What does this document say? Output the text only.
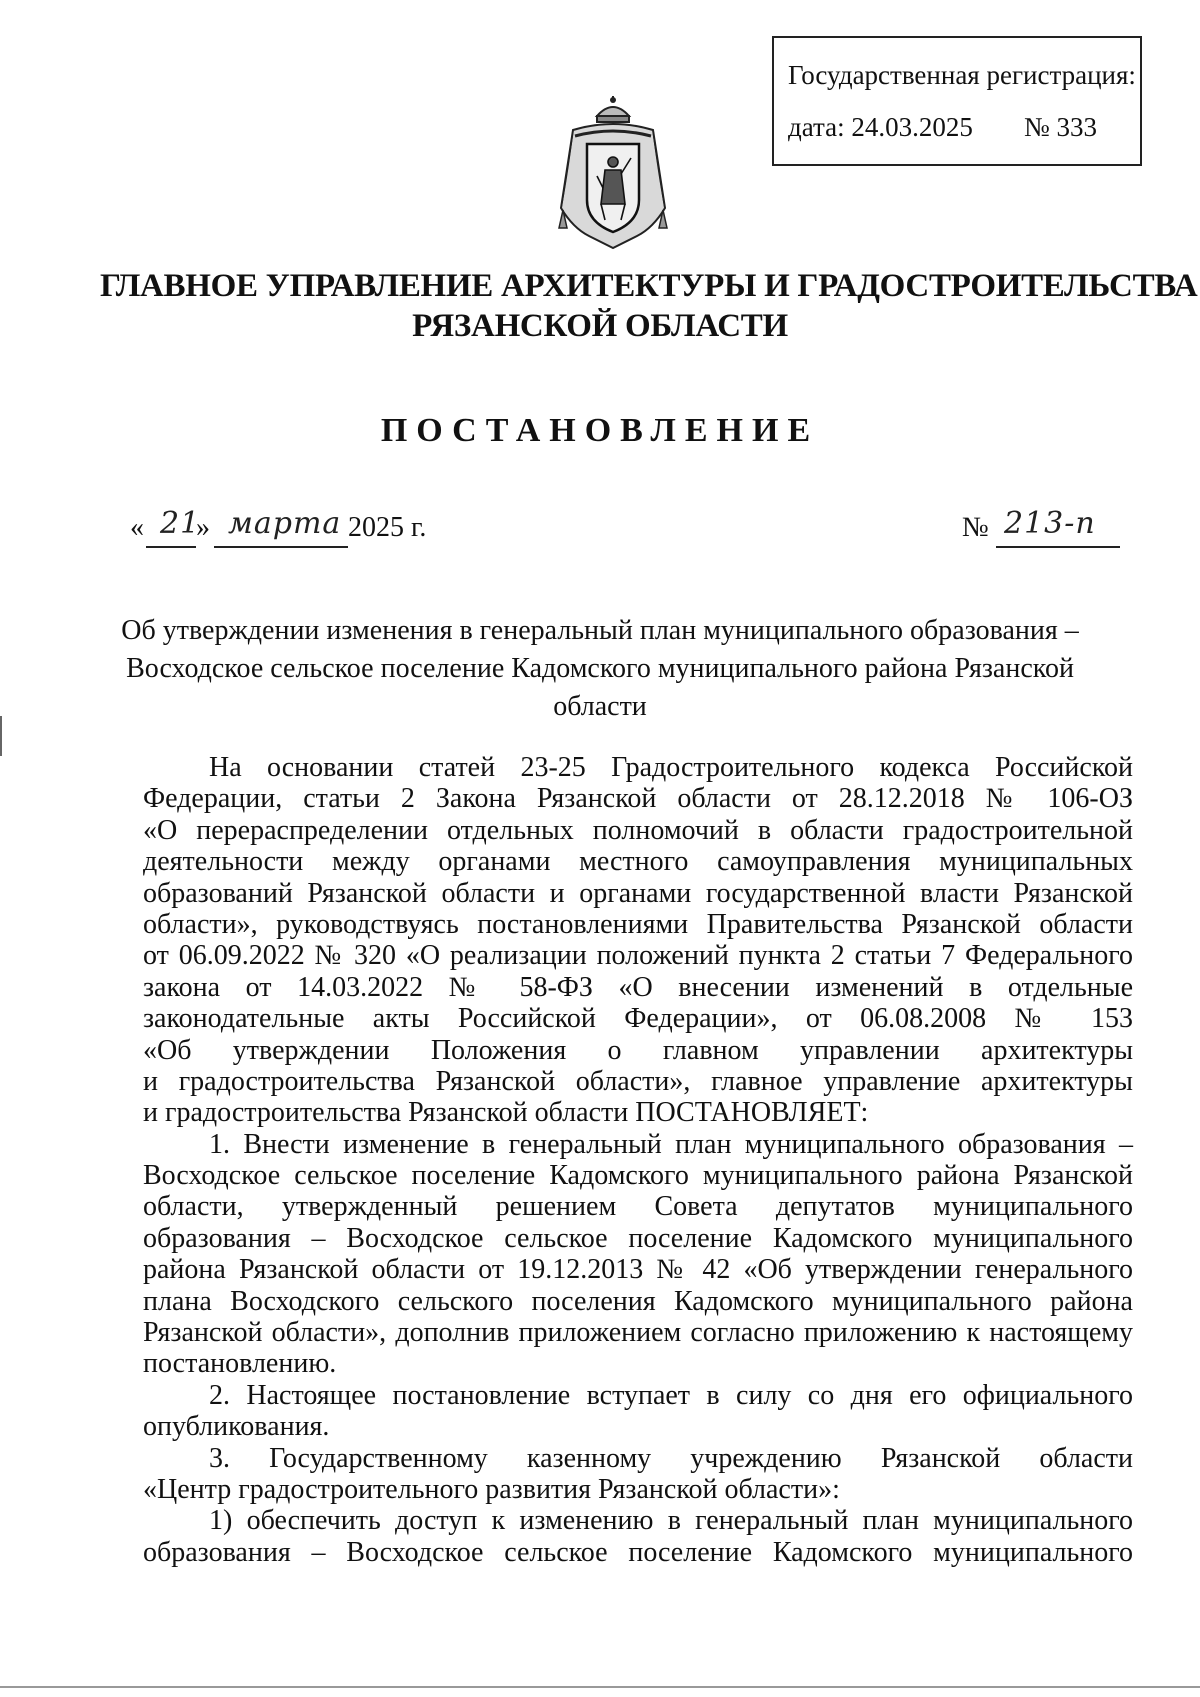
Государственная регистрация:
дата: 24.03.2025 № 333
ГЛАВНОЕ УПРАВЛЕНИЕ АРХИТЕКТУРЫ И ГРАДОСТРОИТЕЛЬСТВА
РЯЗАНСКОЙ ОБЛАСТИ
ПОСТАНОВЛЕНИЕ
« 21
» марта 2025 г.	№ 213-п
Об утверждении изменения в генеральный план муниципального образования –
Восходское сельское поселение Кадомского муниципального района Рязанской
области
На основании статей 23-25 Градостроительного кодекса Российской
Федерации, статьи 2 Закона Рязанской области от 28.12.2018 № 106-ОЗ
«О перераспределении отдельных полномочий в области градостроительной
деятельности между органами местного самоуправления муниципальных
образований Рязанской области и органами государственной власти Рязанской
области», руководствуясь постановлениями Правительства Рязанской области
от 06.09.2022 № 320 «О реализации положений пункта 2 статьи 7 Федерального
закона от 14.03.2022 № 58-ФЗ «О внесении изменений в отдельные
законодательные акты Российской Федерации», от 06.08.2008 № 153
«Об утверждении Положения о главном управлении архитектуры
и градостроительства Рязанской области», главное управление архитектуры
и градостроительства Рязанской области ПОСТАНОВЛЯЕТ:
1. Внести изменение в генеральный план муниципального образования –
Восходское сельское поселение Кадомского муниципального района Рязанской
области, утвержденный решением Совета депутатов муниципального
образования – Восходское сельское поселение Кадомского муниципального
района Рязанской области от 19.12.2013 № 42 «Об утверждении генерального
плана Восходского сельского поселения Кадомского муниципального района
Рязанской области», дополнив приложением согласно приложению к настоящему
постановлению.
2. Настоящее постановление вступает в силу со дня его официального
опубликования.
3. Государственному казенному учреждению Рязанской области
«Центр градостроительного развития Рязанской области»:
1) обеспечить доступ к изменению в генеральный план муниципального
образования – Восходское сельское поселение Кадомского муниципального
